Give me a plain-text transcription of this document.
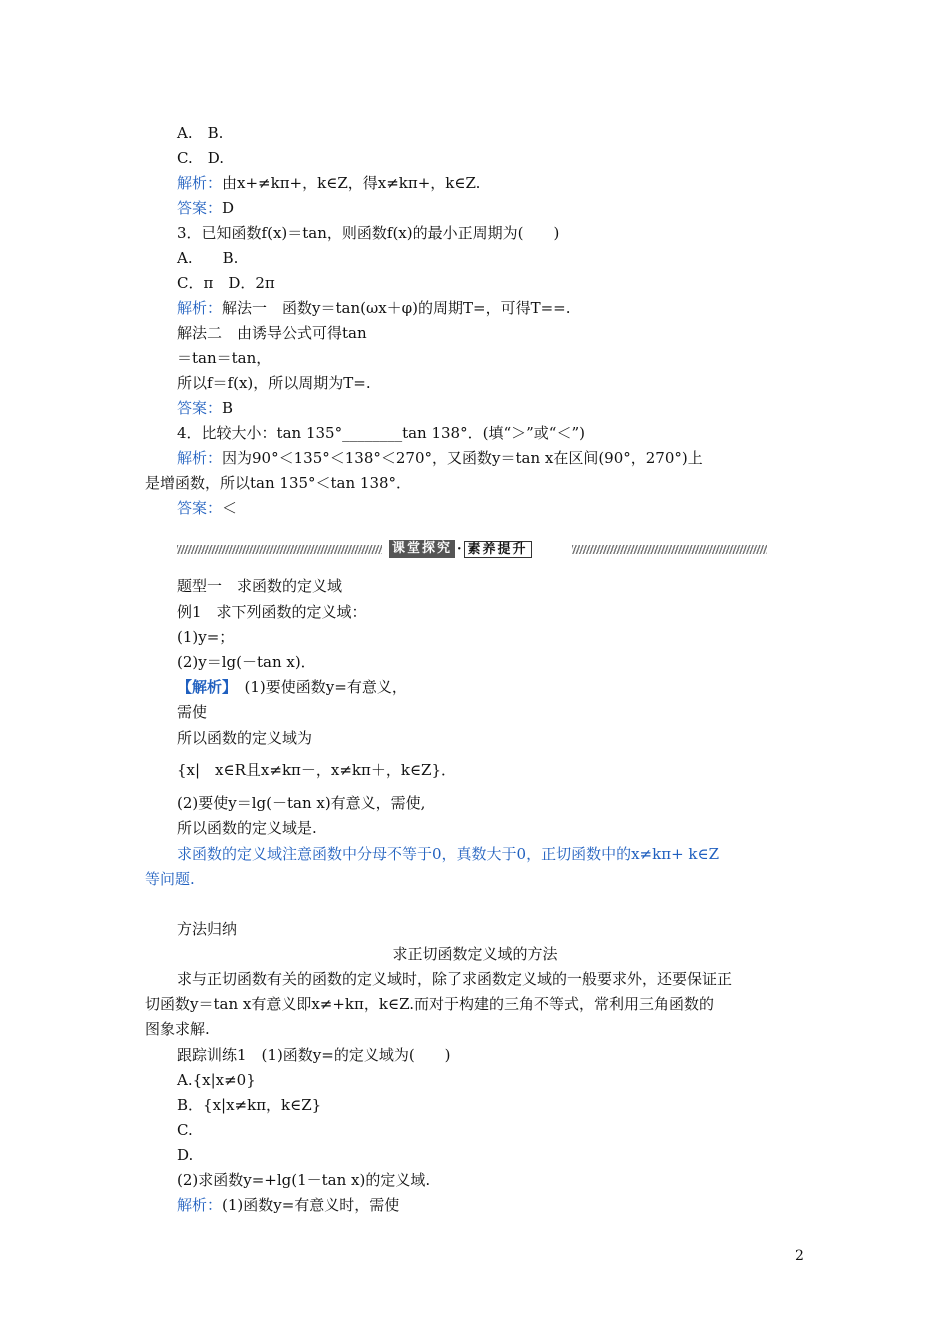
A.　B.
C.　D.
解析：由x+≠kπ+，k∈Z，得x≠kπ+，k∈Z.
答案：D
3．已知函数f(x)＝tan，则函数f(x)的最小正周期为(　　)
A.　　B.
C．π　D．2π
解析：解法一　函数y＝tan(ωx＋φ)的周期T=，可得T==.
解法二　由诱导公式可得tan
＝tan＝tan，
所以f＝f(x)，所以周期为T=.
答案：B
4．比较大小：tan 135°________tan 138°．(填“＞”或“＜”)
解析：因为90°＜135°＜138°＜270°，又函数y＝tan x在区间(90°，270°)上
是增函数，所以tan 135°＜tan 138°．
答案：＜
课堂探究 · 素养提升
题型一　求函数的定义域
例1　求下列函数的定义域：
(1)y=；
(2)y＝lg(－tan x)．
【解析】　 (1)要使函数y=有意义，
需使
所以函数的定义域为
{x|　x∈R且x≠kπ－，x≠kπ＋，k∈Z}．
(2)要使y＝lg(－tan x)有意义，需使,
所以函数的定义域是.
求函数的定义域注意函数中分母不等于0，真数大于0，正切函数中的x≠kπ+ k∈Z
等问题.
方法归纳
求正切函数定义域的方法
求与正切函数有关的函数的定义域时，除了求函数定义域的一般要求外，还要保证正
切函数y＝tan x有意义即x≠+kπ，k∈Z.而对于构建的三角不等式，常利用三角函数的
图象求解.
跟踪训练1　(1)函数y=的定义域为(　　)
A.{x|x≠0}
B．{x|x≠kπ，k∈Z}
C.
D.
(2)求函数y=+lg(1－tan x)的定义域.
解析：(1)函数y=有意义时，需使
2
